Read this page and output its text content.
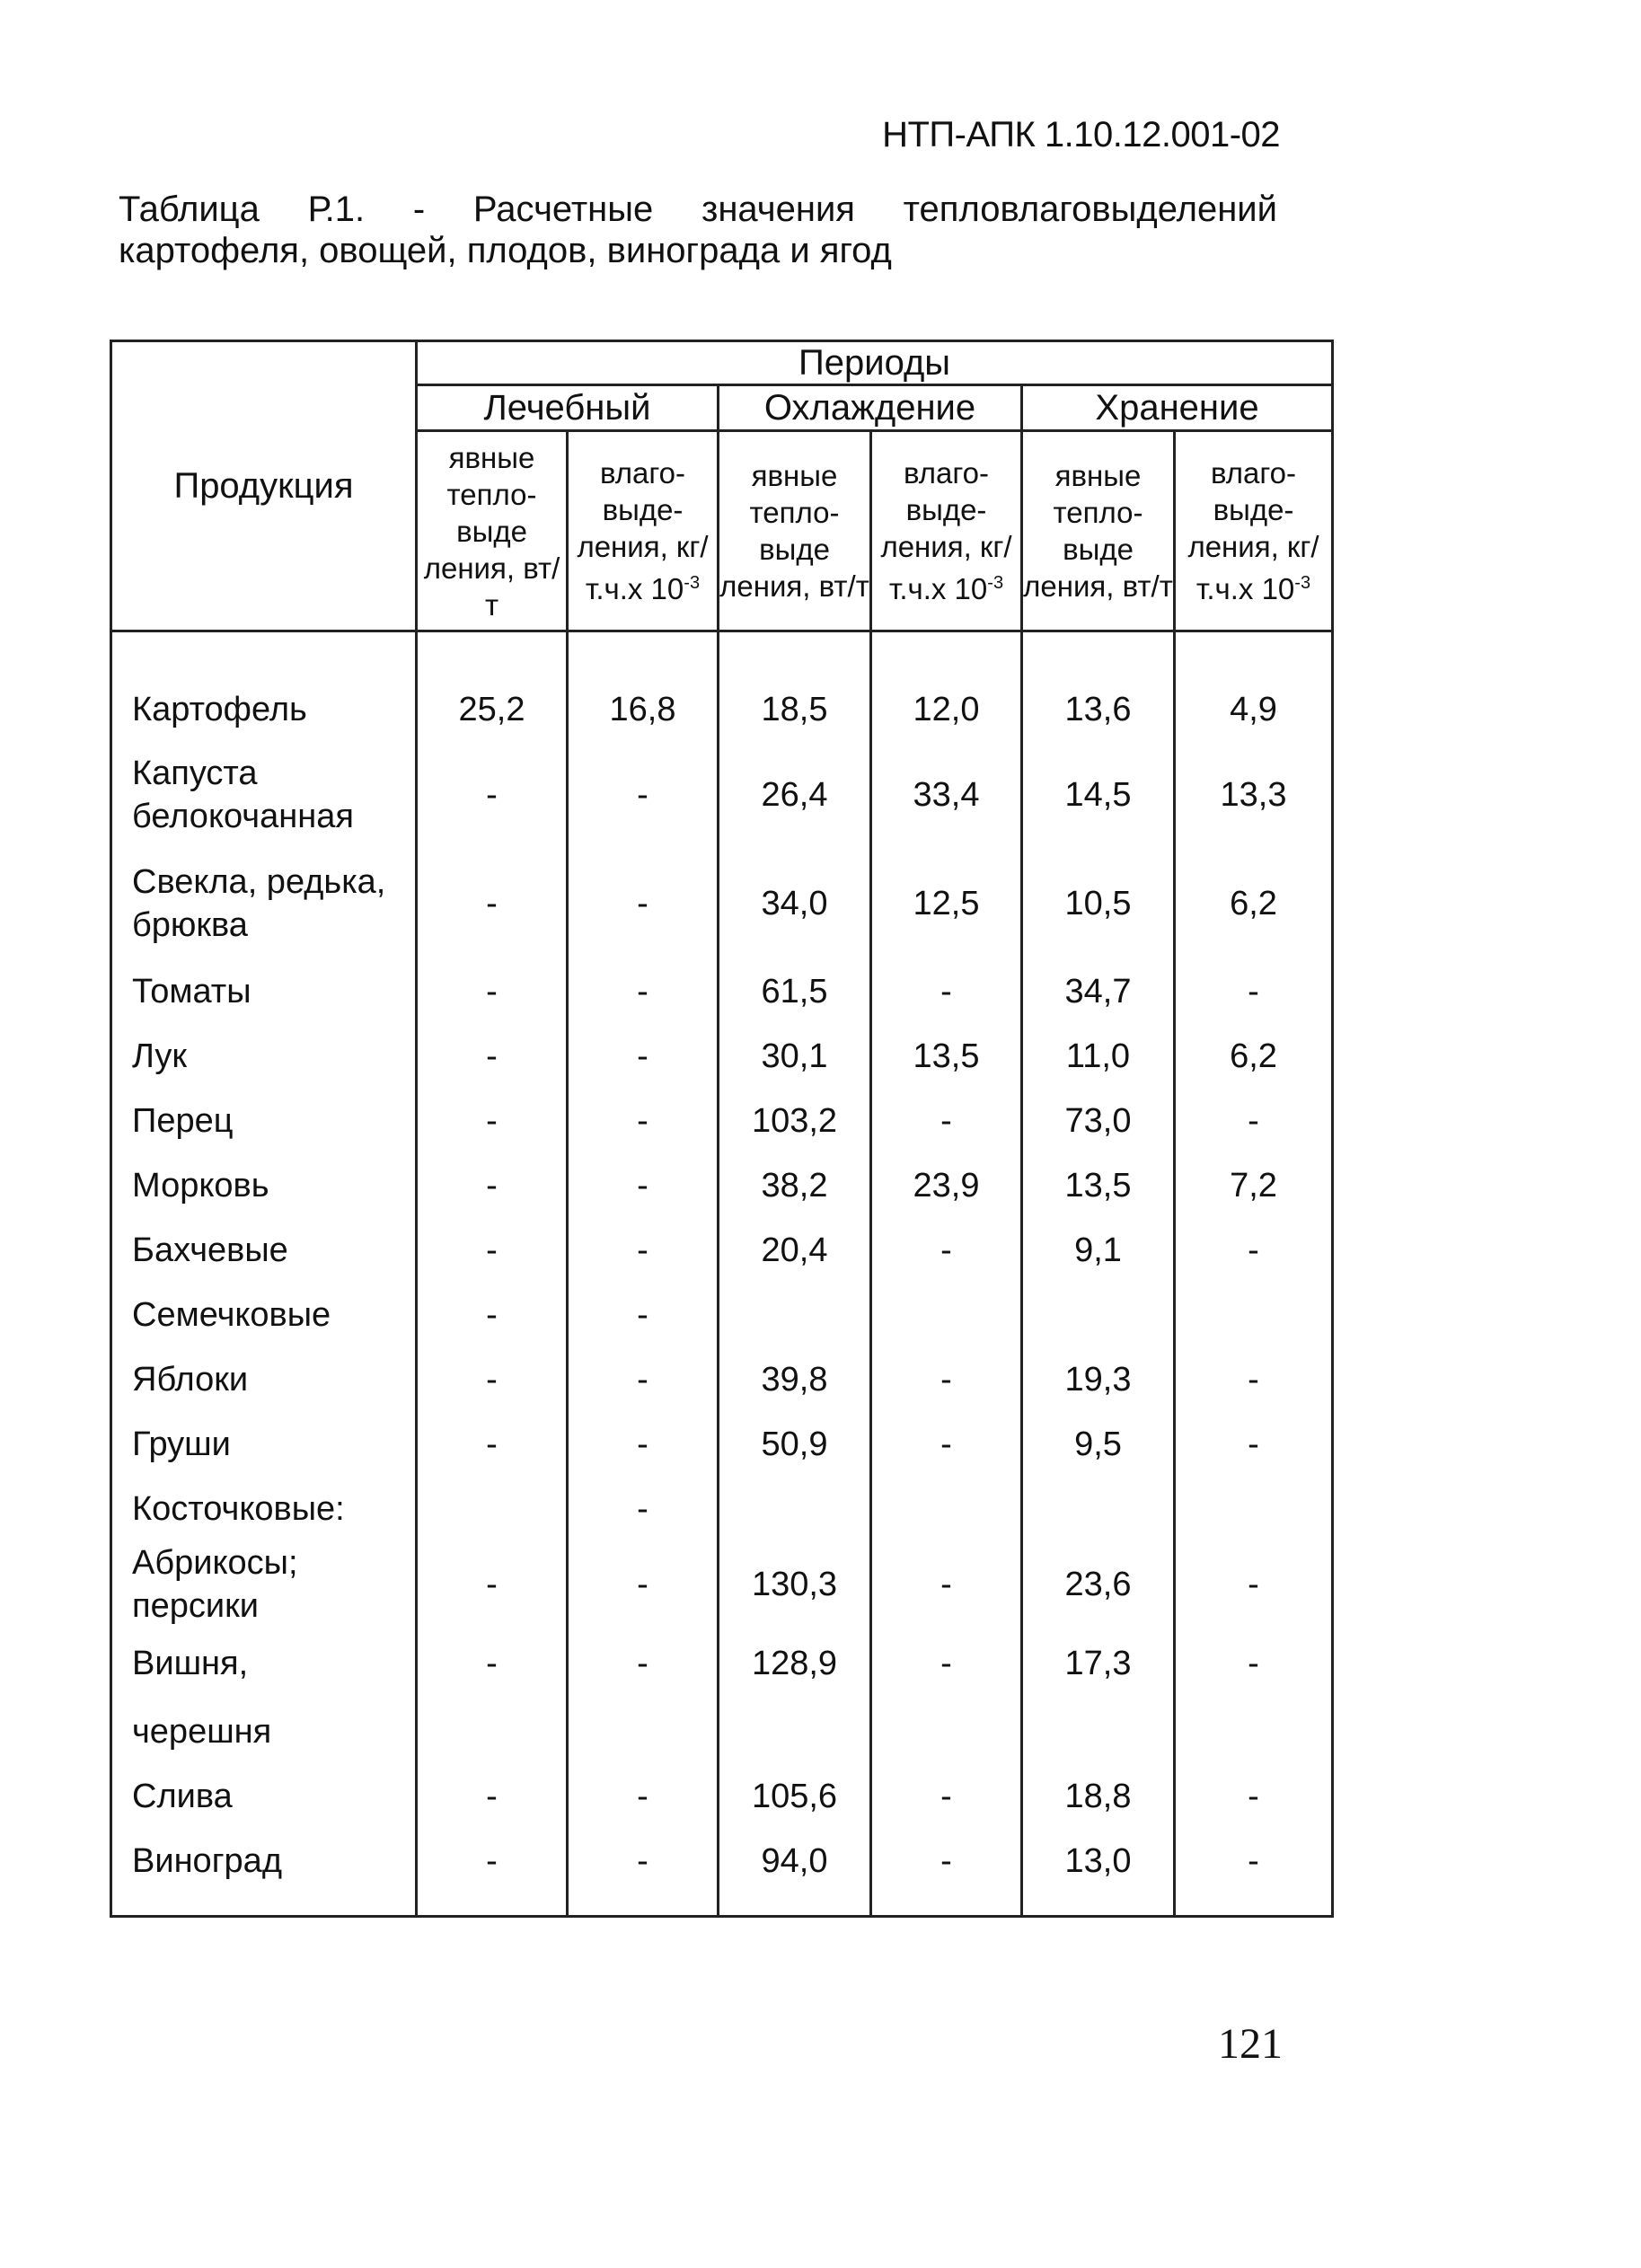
НТП-АПК 1.10.12.001-02
Таблица Р.1. - Расчетные значения тепловлаговыделений
картофеля, овощей, плодов, винограда и ягод
Продукция	Периоды					
	Лечебный		Охлаждение		Хранение	
	явные тепло-выде ления, вт/т	влаго-выде-ления, кг/т.ч.х $10^{-3}$	явные тепло-выде ления, вт/т	влаго-выде-ления, кг/т.ч.х $10^{-3}$	явные тепло-выде ления, вт/т	влаго-выде-ления, кг/т.ч.х $10^{-3}$

Картофель	25,2	16,8	18,5	12,0	13,6	4,9
Капуста белокочанная	-	-	26,4	33,4	14,5	13,3
Свекла, редька, брюква	-	-	34,0	12,5	10,5	6,2
Томаты	-	-	61,5	-	34,7	-
Лук	-	-	30,1	13,5	11,0	6,2
Перец	-	-	103,2	-	73,0	-
Морковь	-	-	38,2	23,9	13,5	7,2
Бахчевые	-	-	20,4	-	9,1	-
Семечковые	-	-				
Яблоки	-	-	39,8	-	19,3	-
Груши	-	-	50,9	-	9,5	-
Косточковые:		-				
Абрикосы; персики	-	-	130,3	-	23,6	-
Вишня,	-	-	128,9	-	17,3	-
черешня						
Слива	-	-	105,6	-	18,8	-
Виноград	-	-	94,0	-	13,0	-

121
